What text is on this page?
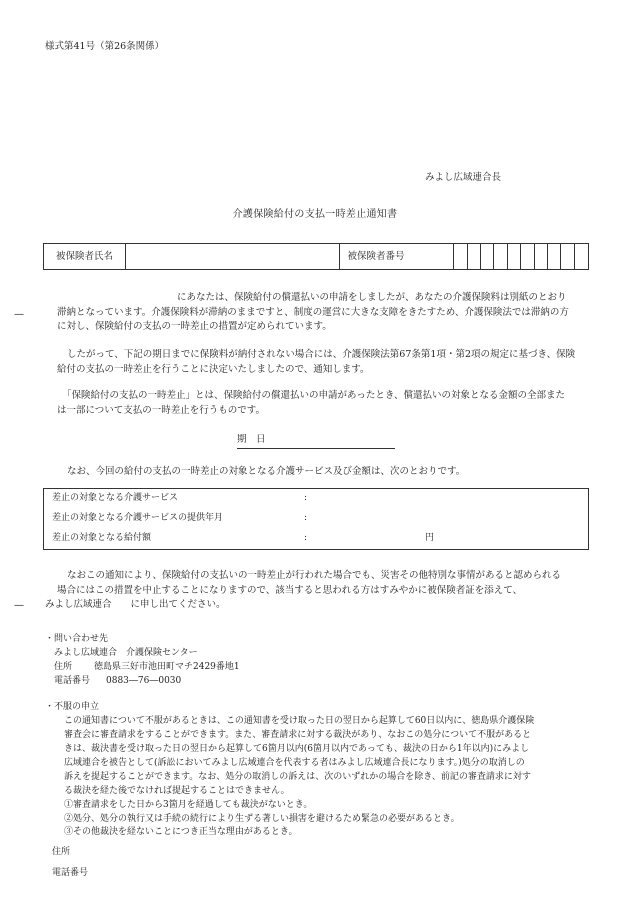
様式第41号（第26条関係）
みよし広域連合長
介護保険給付の支払一時差止通知書
被保険者氏名	被保険者番号
—
—
にあなたは、保険給付の償還払いの申請をしましたが、あなたの介護保険料は別紙のとおり
滞納となっています。介護保険料が滞納のままですと、制度の運営に大きな支障をきたすため、介護保険法では滞納の方
に対し、保険給付の支払の一時差止の措置が定められています。
したがって、下記の期日までに保険料が納付されない場合には、介護保険法第67条第1項・第2項の規定に基づき、保険
給付の支払の一時差止を行うことに決定いたしましたので、通知します。
「保険給付の支払の一時差止」とは、保険給付の償還払いの申請があったとき、償還払いの対象となる金額の全部また
は一部について支払の一時差止を行うものです。
期　日
なお、今回の給付の支払の一時差止の対象となる介護サービス及び金額は、次のとおりです。
差止の対象となる介護サービス	:
差止の対象となる介護サービスの提供年月	:
差止の対象となる給付額	:	円
なおこの通知により、保険給付の支払いの一時差止が行われた場合でも、災害その他特別な事情があると認められる
場合にはこの措置を中止することになりますので、該当すると思われる方はすみやかに被保険者証を添えて、
みよし広域連合　　に申し出てください。
・問い合わせ先
みよし広域連合　介護保険センター
住所	徳島県三好市池田町マチ2429番地1
電話番号	0883―76―0030
・不服の申立
この通知書について不服があるときは、この通知書を受け取った日の翌日から起算して60日以内に、徳島県介護保険
審査会に審査請求をすることができます。また、審査請求に対する裁決があり、なおこの処分について不服があると
きは、裁決書を受け取った日の翌日から起算して6箇月以内(6箇月以内であっても、裁決の日から1年以内)にみよし
広域連合を被告として(訴訟においてみよし広域連合を代表する者はみよし広域連合長になります。)処分の取消しの
訴えを提起することができます。なお、処分の取消しの訴えは、次のいずれかの場合を除き、前記の審査請求に対す
る裁決を経た後でなければ提起することはできません。
①審査請求をした日から3箇月を経過しても裁決がないとき。
②処分、処分の執行又は手続の続行により生ずる著しい損害を避けるため緊急の必要があるとき。
③その他裁決を経ないことにつき正当な理由があるとき。
住所
電話番号
